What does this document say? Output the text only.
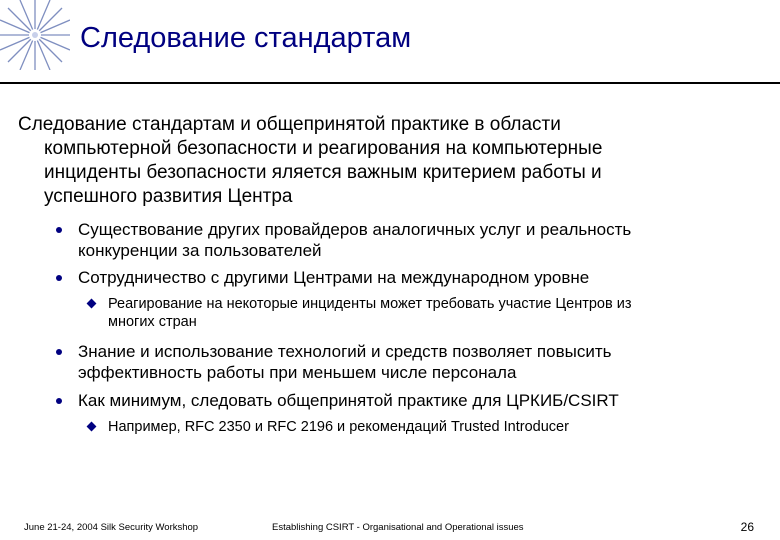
Следование стандартам
Следование стандартам и общепринятой практике в области
компьютерной безопасности и реагирования на компьютерные
инциденты безопасности яляется важным критерием работы и
успешного развития Центра
Существование других провайдеров аналогичных услуг и реальность
конкуренции за пользователей
Сотрудничество с другими Центрами на международном уровне
Реагирование на некоторые инциденты может требовать участие Центров из
многих стран
Знание и использование технологий и средств позволяет повысить
эффективность работы при меньшем числе персонала
Как минимум, следовать общепринятой практике для ЦРКИБ/CSIRT
Например, RFC 2350 и RFC 2196 и рекомендаций Trusted Introducer
June 21-24, 2004 Silk Security Workshop	Establishing CSIRT - Organisational and Operational issues	26
